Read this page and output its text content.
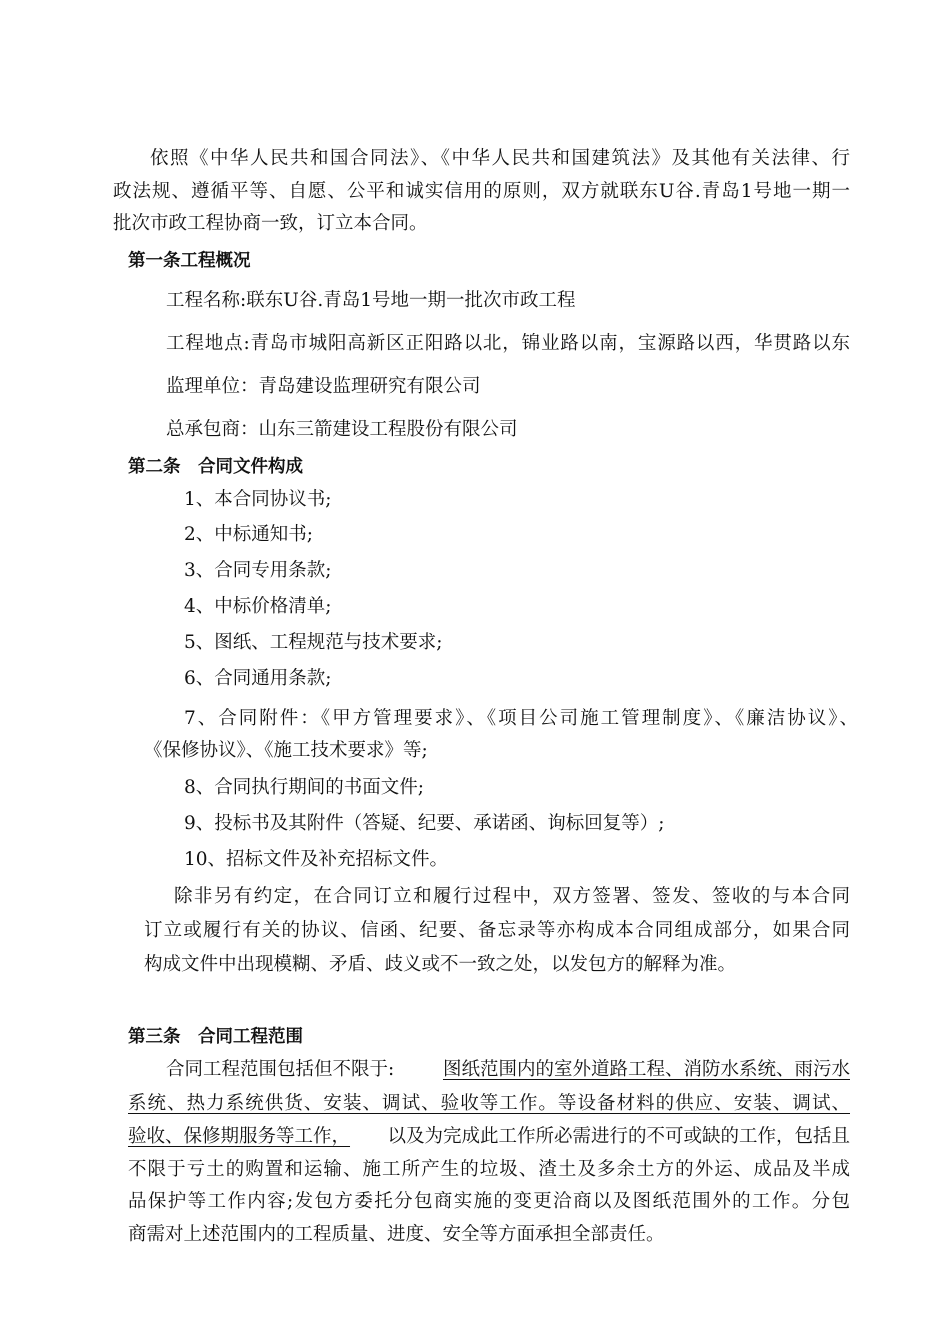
依照《中华人民共和国合同法》、《中华人民共和国建筑法》及其他有关法律、行
政法规、遵循平等、自愿、公平和诚实信用的原则，双方就联东U谷.青岛1号地一期一
批次市政工程协商一致，订立本合同。
第一条工程概况
工程名称:联东U谷.青岛1号地一期一批次市政工程
工程地点:青岛市城阳高新区正阳路以北，锦业路以南，宝源路以西，华贯路以东
监理单位：青岛建设监理研究有限公司
总承包商：山东三箭建设工程股份有限公司
第二条　合同文件构成
1、本合同协议书;
2、中标通知书;
3、合同专用条款;
4、中标价格清单;
5、图纸、工程规范与技术要求;
6、合同通用条款;
7、合同附件：《甲方管理要求》、《项目公司施工管理制度》、《廉洁协议》、
《保修协议》、《施工技术要求》等;
8、合同执行期间的书面文件;
9、投标书及其附件（答疑、纪要、承诺函、询标回复等）;
10、招标文件及补充招标文件。
除非另有约定，在合同订立和履行过程中，双方签署、签发、签收的与本合同
订立或履行有关的协议、信函、纪要、备忘录等亦构成本合同组成部分，如果合同
构成文件中出现模糊、矛盾、歧义或不一致之处，以发包方的解释为准。
第三条　合同工程范围
合同工程范围包括但不限于:	图纸范围内的室外道路工程、消防水系统、雨污水
系统、热力系统供货、安装、调试、验收等工作。等设备材料的供应、安装、调试、
验收、保修期服务等工作， 以及为完成此工作所必需进行的不可或缺的工作，包括且
不限于亏土的购置和运输、施工所产生的垃圾、渣土及多余土方的外运、成品及半成
品保护等工作内容;发包方委托分包商实施的变更洽商以及图纸范围外的工作。分包
商需对上述范围内的工程质量、进度、安全等方面承担全部责任。
